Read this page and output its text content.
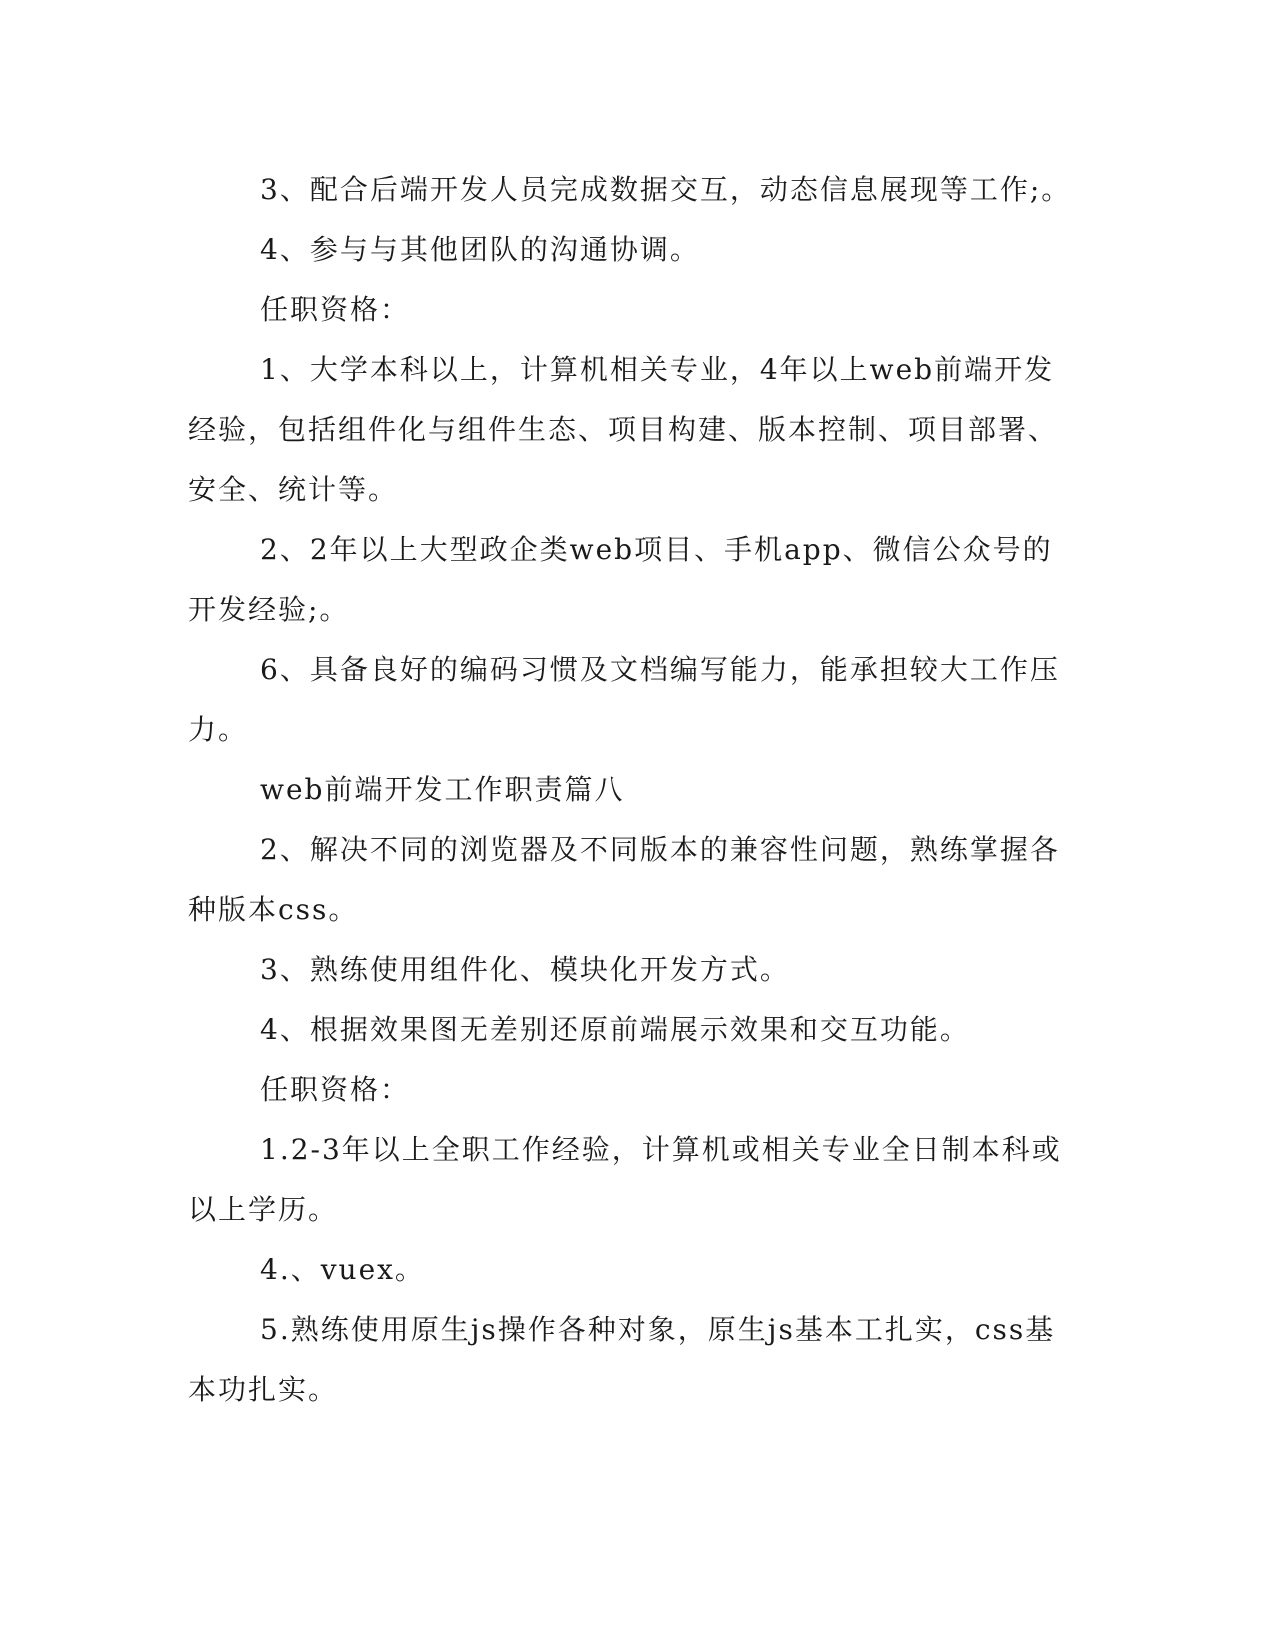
3、配合后端开发人员完成数据交互，动态信息展现等工作;。

4、参与与其他团队的沟通协调。

任职资格：

1、大学本科以上，计算机相关专业，4年以上web前端开发经验，包括组件化与组件生态、项目构建、版本控制、项目部署、安全、统计等。

2、2年以上大型政企类web项目、手机app、微信公众号的开发经验;。

6、具备良好的编码习惯及文档编写能力，能承担较大工作压力。

web前端开发工作职责篇八

2、解决不同的浏览器及不同版本的兼容性问题，熟练掌握各种版本css。

3、熟练使用组件化、模块化开发方式。

4、根据效果图无差别还原前端展示效果和交互功能。

任职资格：

1.2-3年以上全职工作经验，计算机或相关专业全日制本科或以上学历。

4.、vuex。

5.熟练使用原生js操作各种对象，原生js基本工扎实，css基本功扎实。
